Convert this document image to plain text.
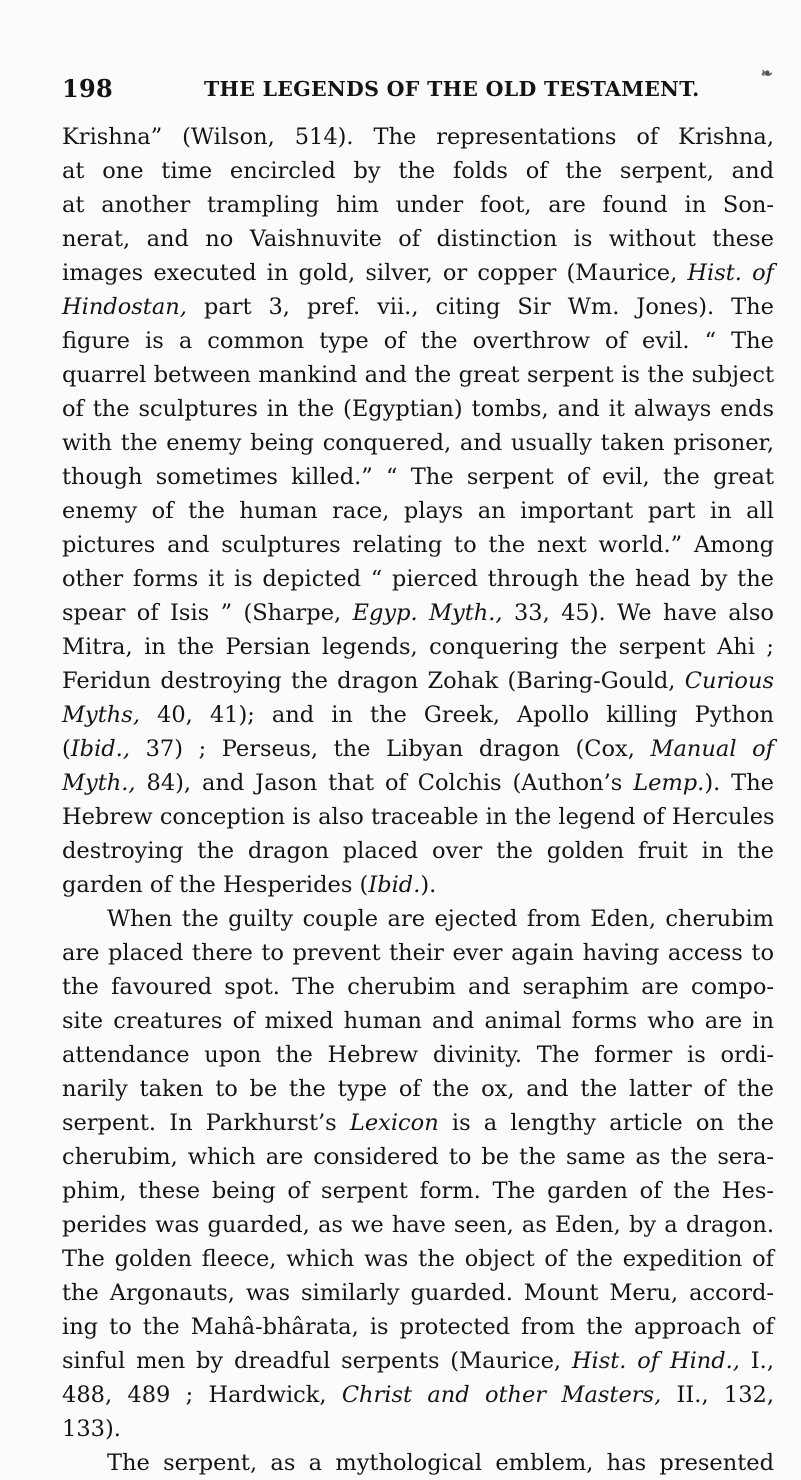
198	THE LEGENDS OF THE OLD TESTAMENT.
❧
Krishna” (Wilson, 514). The representations of Krishna,
at one time encircled by the folds of the serpent, and
at another trampling him under foot, are found in Son-
nerat, and no Vaishnuvite of distinction is without these
images executed in gold, silver, or copper (Maurice, Hist. of
Hindostan, part 3, pref. vii., citing Sir Wm. Jones). The
figure is a common type of the overthrow of evil. “ The
quarrel between mankind and the great serpent is the subject
of the sculptures in the (Egyptian) tombs, and it always ends
with the enemy being conquered, and usually taken prisoner,
though sometimes killed.” “ The serpent of evil, the great
enemy of the human race, plays an important part in all
pictures and sculptures relating to the next world.” Among
other forms it is depicted “ pierced through the head by the
spear of Isis ” (Sharpe, Egyp. Myth., 33, 45). We have also
Mitra, in the Persian legends, conquering the serpent Ahi ;
Feridun destroying the dragon Zohak (Baring-Gould, Curious
Myths, 40, 41); and in the Greek, Apollo killing Python
(Ibid., 37) ; Perseus, the Libyan dragon (Cox, Manual of
Myth., 84), and Jason that of Colchis (Authon’s Lemp.). The
Hebrew conception is also traceable in the legend of Hercules
destroying the dragon placed over the golden fruit in the
garden of the Hesperides (Ibid.).
When the guilty couple are ejected from Eden, cherubim
are placed there to prevent their ever again having access to
the favoured spot. The cherubim and seraphim are compo-
site creatures of mixed human and animal forms who are in
attendance upon the Hebrew divinity. The former is ordi-
narily taken to be the type of the ox, and the latter of the
serpent. In Parkhurst’s Lexicon is a lengthy article on the
cherubim, which are considered to be the same as the sera-
phim, these being of serpent form. The garden of the Hes-
perides was guarded, as we have seen, as Eden, by a dragon.
The golden fleece, which was the object of the expedition of
the Argonauts, was similarly guarded. Mount Meru, accord-
ing to the Mahâ-bhârata, is protected from the approach of
sinful men by dreadful serpents (Maurice, Hist. of Hind., I.,
488, 489 ; Hardwick, Christ and other Masters, II., 132,
133).
The serpent, as a mythological emblem, has presented
